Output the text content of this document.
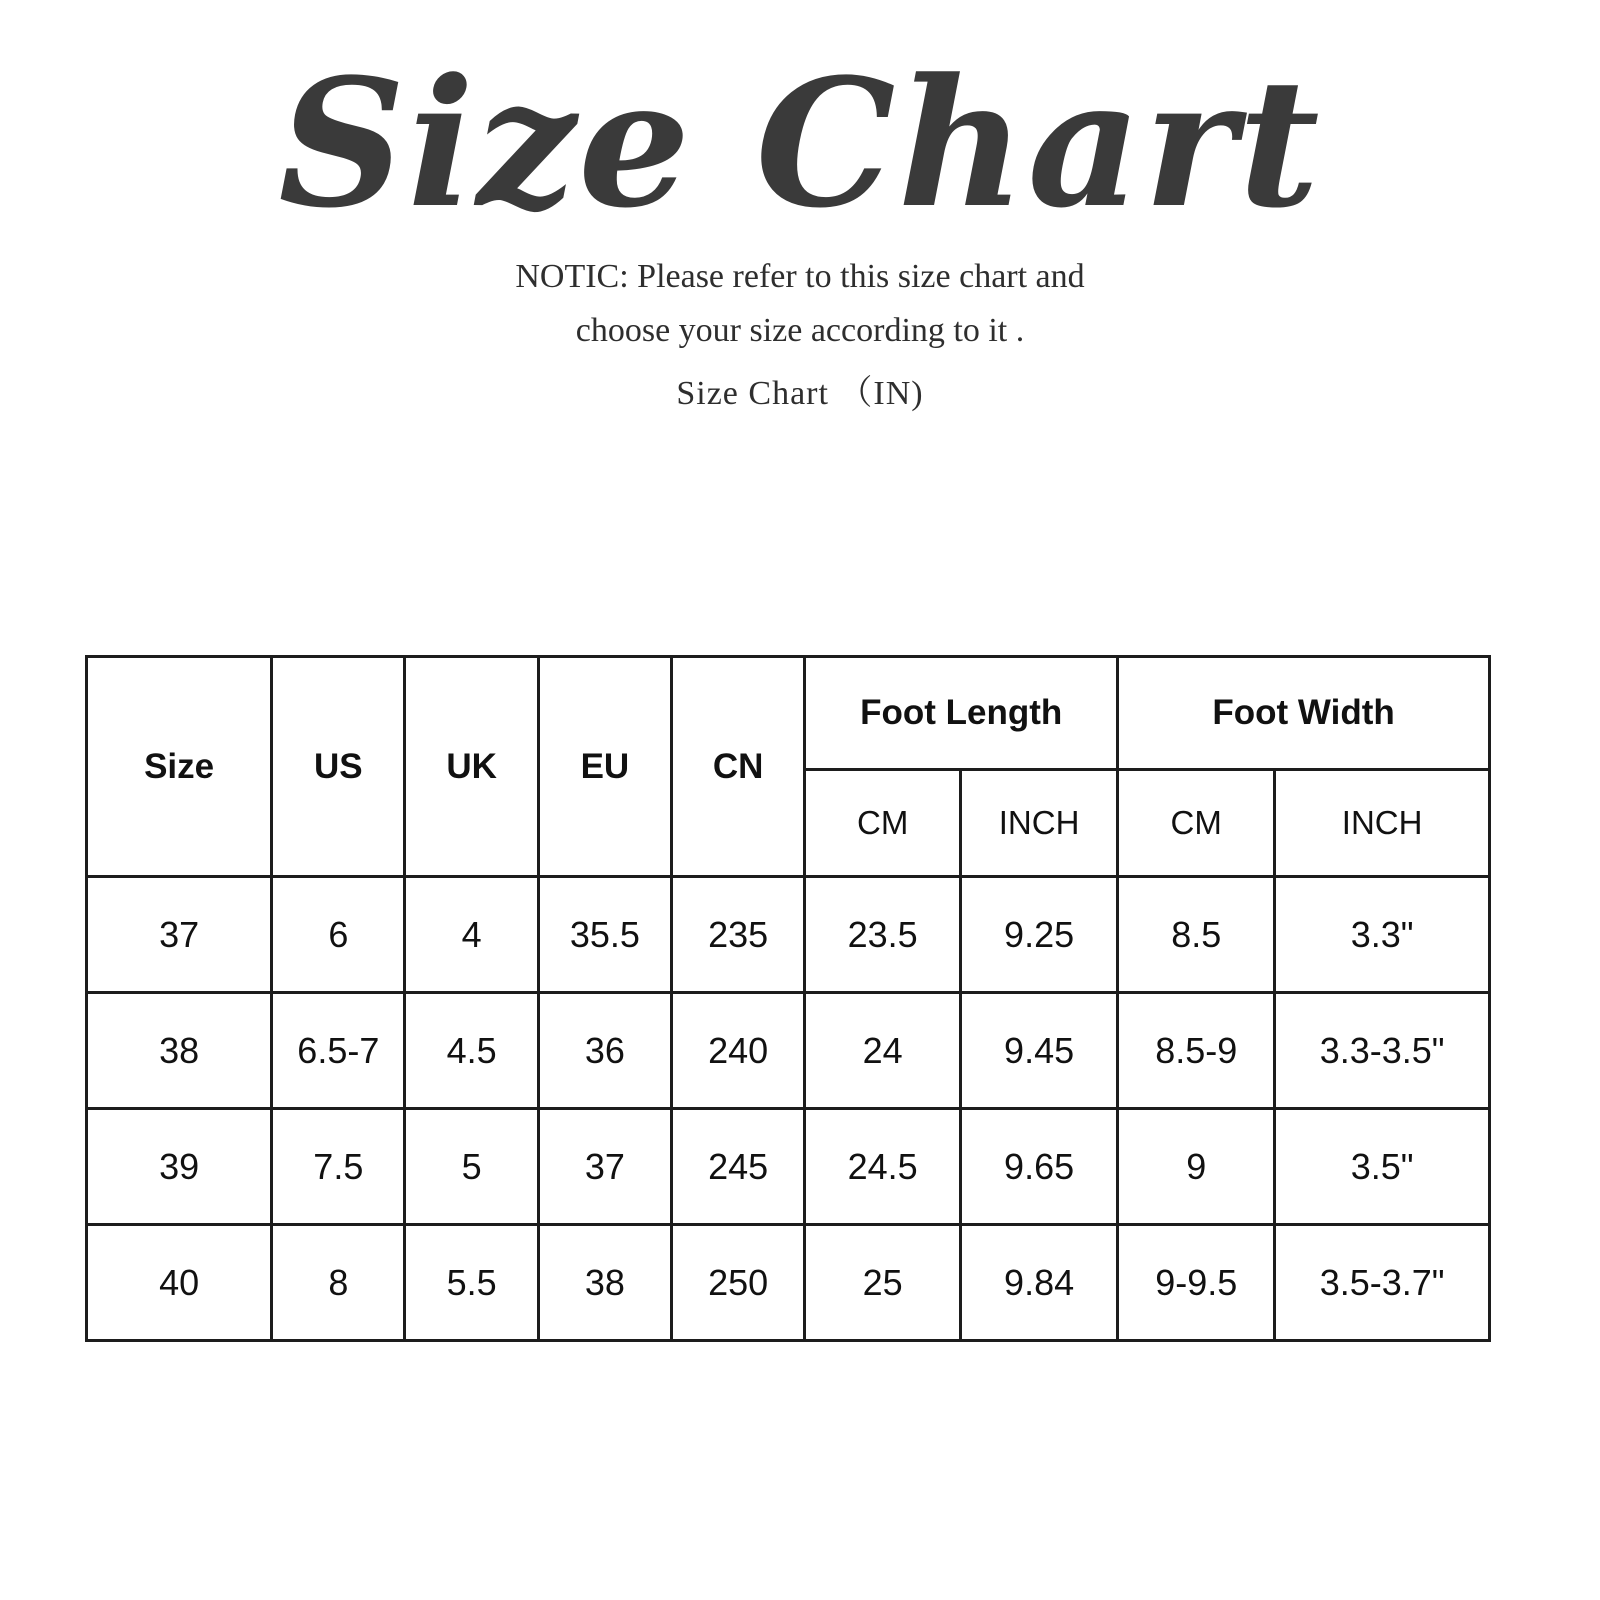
Size Chart
NOTIC: Please refer to this size chart and
choose your size according to it .
Size Chart （IN)
Size	US	UK	EU	CN	Foot Length		Foot Width	
					CM	INCH	CM	INCH
37	6	4	35.5	235	23.5	9.25	8.5	3.3"
38	6.5-7	4.5	36	240	24	9.45	8.5-9	3.3-3.5"
39	7.5	5	37	245	24.5	9.65	9	3.5"
40	8	5.5	38	250	25	9.84	9-9.5	3.5-3.7"
